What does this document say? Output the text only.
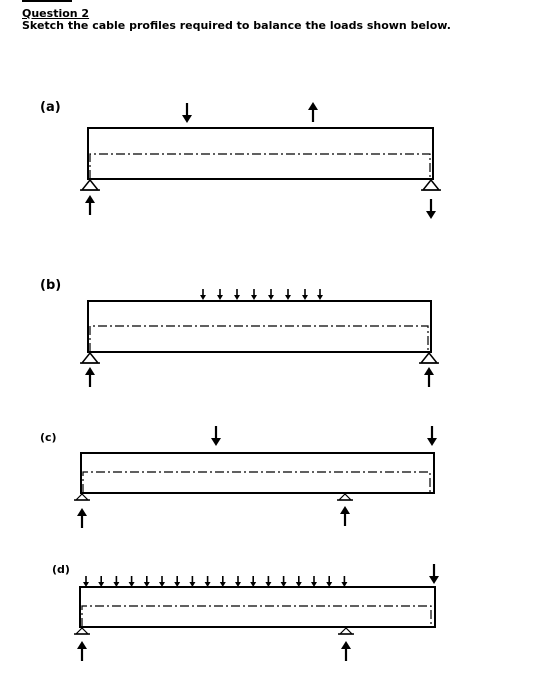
Question 2
Sketch the cable profiles required to balance the loads shown below.
(a)
(b)
(c)
(d)
